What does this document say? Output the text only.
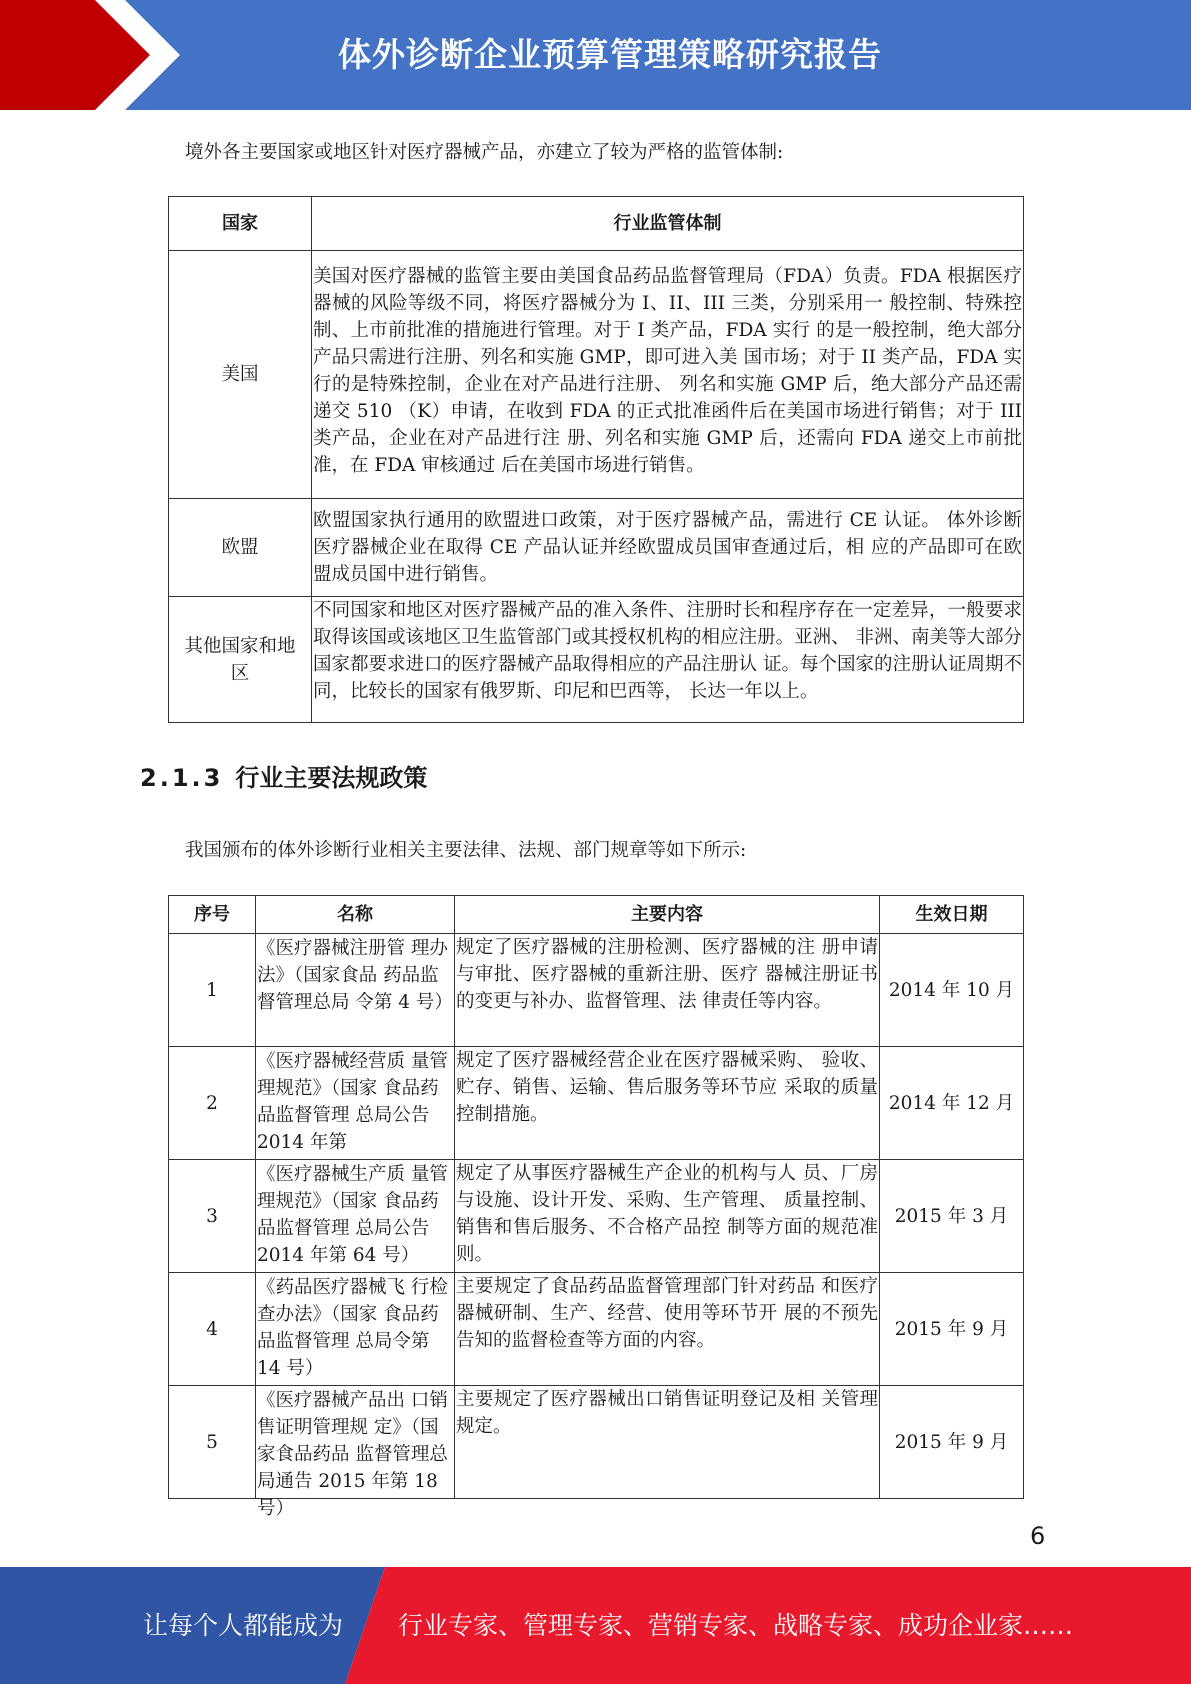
体外诊断企业预算管理策略研究报告
境外各主要国家或地区针对医疗器械产品，亦建立了较为严格的监管体制:
国家	行业监管体制
美国	美国对医疗器械的监管主要由美国食品药品监督管理局（FDA）负责。FDA 根据医疗器械的风险等级不同，将医疗器械分为 I、II、III 三类，分别采用一 般控制、特殊控制、上市前批准的措施进行管理。对于 I 类产品，FDA 实行 的是一般控制，绝大部分产品只需进行注册、列名和实施 GMP，即可进入美 国市场；对于 II 类产品，FDA 实行的是特殊控制，企业在对产品进行注册、 列名和实施 GMP 后，绝大部分产品还需递交 510 （K）申请，在收到 FDA 的正式批准函件后在美国市场进行销售；对于 III 类产品，企业在对产品进行注 册、列名和实施 GMP 后，还需向 FDA 递交上市前批准，在 FDA 审核通过 后在美国市场进行销售。
欧盟	欧盟国家执行通用的欧盟进口政策，对于医疗器械产品，需进行 CE 认证。 体外诊断医疗器械企业在取得 CE 产品认证并经欧盟成员国审查通过后，相 应的产品即可在欧盟成员国中进行销售。

其他国家和地区	不同国家和地区对医疗器械产品的准入条件、注册时长和程序存在一定差异，一般要求取得该国或该地区卫生监管部门或其授权机构的相应注册。亚洲、 非洲、南美等大部分国家都要求进口的医疗器械产品取得相应的产品注册认 证。每个国家的注册认证周期不同，比较长的国家有俄罗斯、印尼和巴西等， 长达一年以上。
2.1.3 行业主要法规政策
我国颁布的体外诊断行业相关主要法律、法规、部门规章等如下所示:
序号	名称	主要内容	生效日期
1	《医疗器械注册管 理办法》（国家食品 药品监督管理总局 令第 4 号）	规定了医疗器械的注册检测、医疗器械的注 册申请与审批、医疗器械的重新注册、医疗 器械注册证书的变更与补办、监督管理、法 律责任等内容。	2014 年 10 月
2	《医疗器械经营质 量管理规范》（国家 食品药品监督管理 总局公告 2014 年第	规定了医疗器械经营企业在医疗器械采购、 验收、贮存、销售、运输、售后服务等环节应 采取的质量控制措施。	2014 年 12 月
3	《医疗器械生产质 量管理规范》（国家 食品药品监督管理 总局公告 2014 年第 64 号）	规定了从事医疗器械生产企业的机构与人 员、厂房与设施、设计开发、采购、生产管理、 质量控制、销售和售后服务、不合格产品控 制等方面的规范准则。	2015 年 3 月
4	《药品医疗器械飞 行检查办法》（国家 食品药品监督管理 总局令第 14 号）	主要规定了食品药品监督管理部门针对药品 和医疗器械研制、生产、经营、使用等环节开 展的不预先告知的监督检查等方面的内容。	2015 年 9 月
5	《医疗器械产品出 口销售证明管理规 定》（国家食品药品 监督管理总局通告 2015 年第 18 号）	主要规定了医疗器械出口销售证明登记及相 关管理规定。	2015 年 9 月
6
让每个人都能成为 行业专家、管理专家、营销专家、战略专家、成功企业家……
